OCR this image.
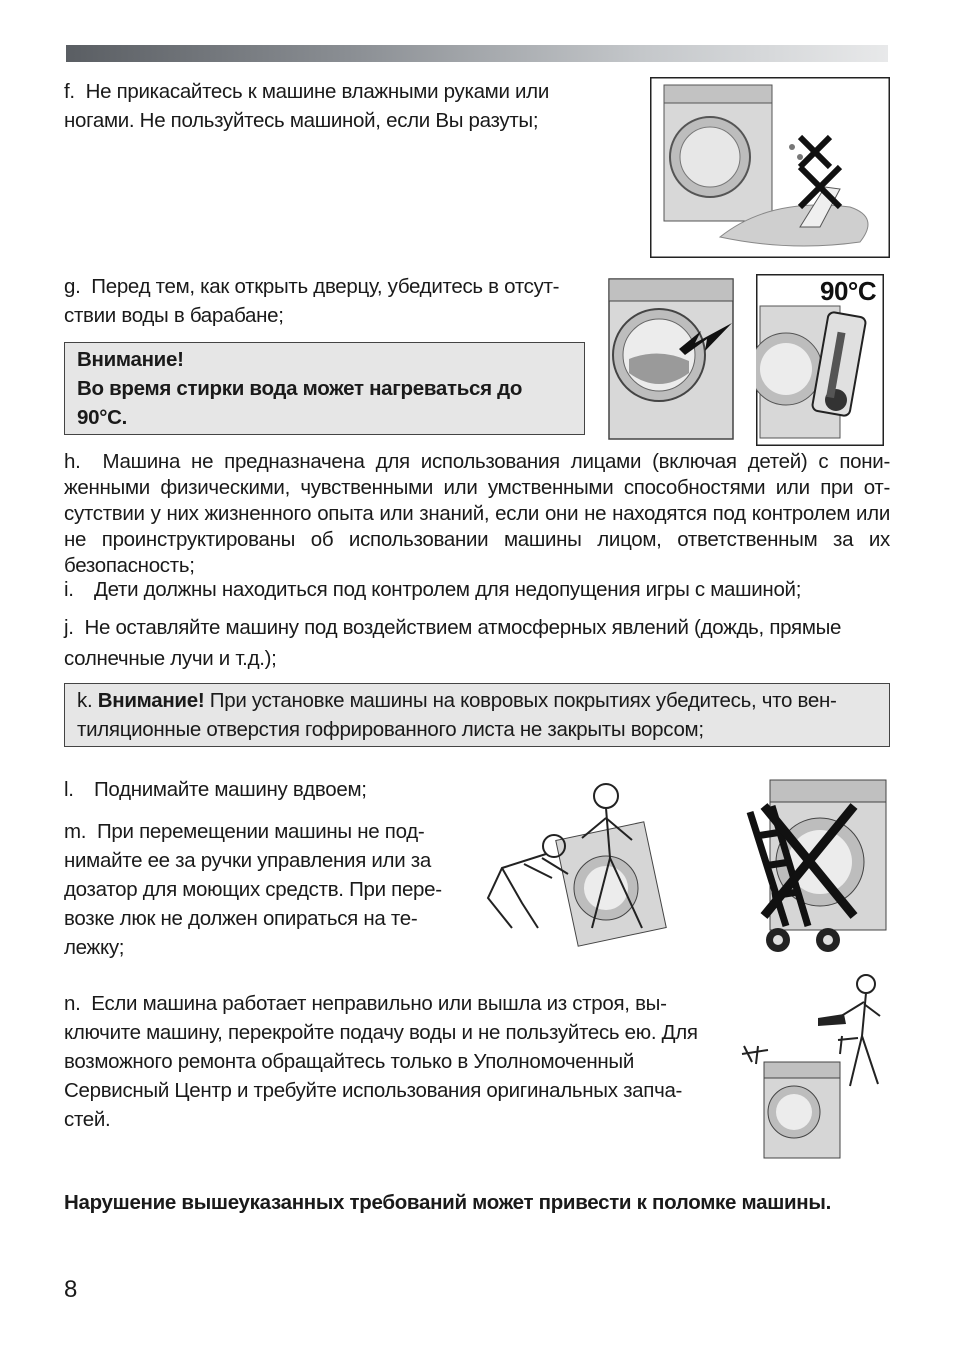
f. Не прикасайтесь к машине влажными руками или ногами. Не пользуйтесь машиной, если Вы разуты;
g. Перед тем, как открыть дверцу, убедитесь в отсут-ствии воды в барабане;
Внимание!
Во время стирки вода может нагреваться до 90°С.
90°C
h. Машина не предназначена для использования лицами (включая детей) с пони-женными физическими, чувственными или умственными способностями или при от-сутствии у них жизненного опыта или знаний, если они не находятся под контролем или не проинструктированы об использовании машины лицом, ответственным за их безопасность;
i. Дети должны находиться под контролем для недопущения игры с машиной;
j. Не оставляйте машину под воздействием атмосферных явлений (дождь, прямые солнечные лучи и т.д.);
k. Внимание! При установке машины на ковровых покрытиях убедитесь, что вен-тиляционные отверстия гофрированного листа не закрыты ворсом;
l. Поднимайте машину вдвоем;
m. При перемещении машины не под-нимайте ее за ручки управления или за дозатор для моющих средств. При пере-возке люк не должен опираться на те-лежку;
n. Если машина работает неправильно или вышла из строя, вы-ключите машину, перекройте подачу воды и не пользуйтесь ею. Для возможного ремонта обращайтесь только в Уполномоченный Сервисный Центр и требуйте использования оригинальных запча-стей.
Нарушение вышеуказанных требований может привести к поломке машины.
8
